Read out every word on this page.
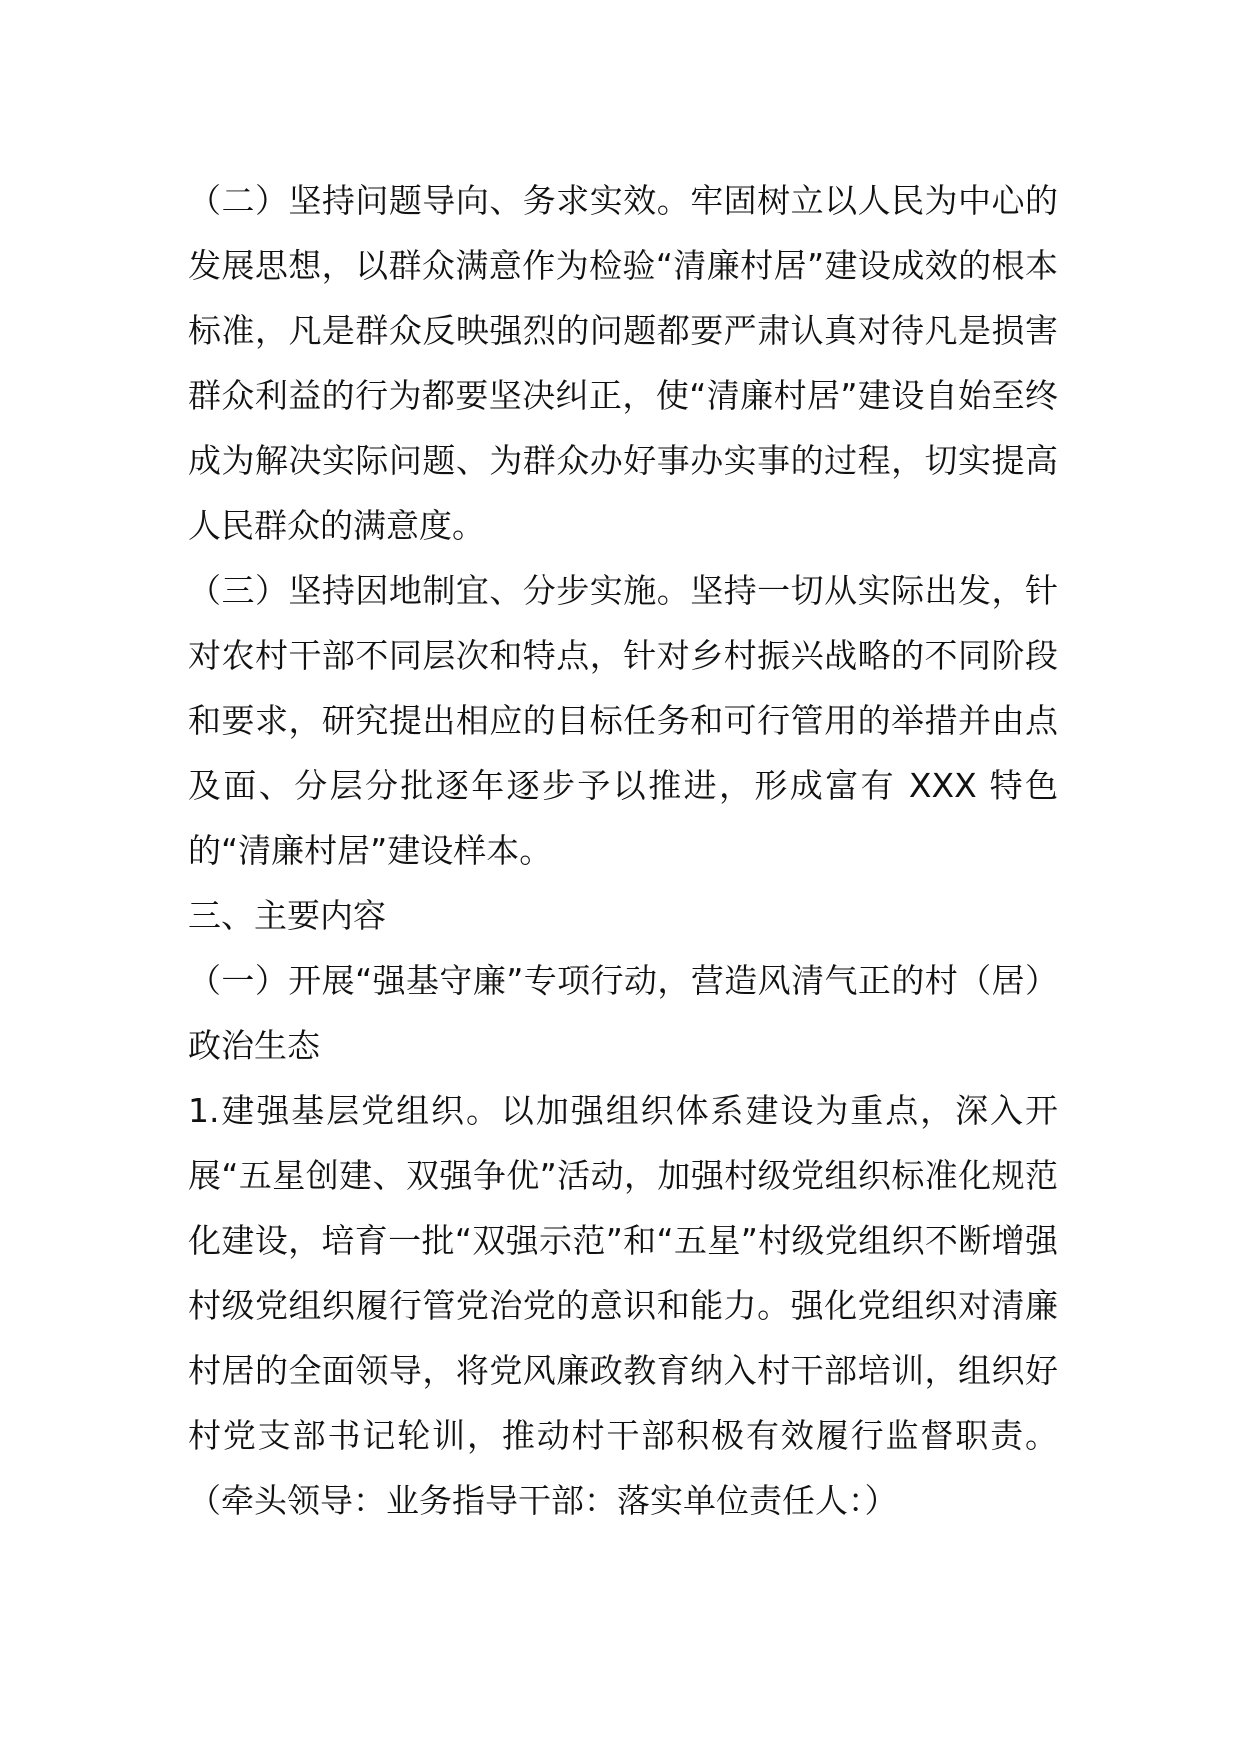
（二）坚持问题导向、务求实效。牢固树立以人民为中心的发展思想，以群众满意作为检验“清廉村居”建设成效的根本标准，凡是群众反映强烈的问题都要严肃认真对待凡是损害群众利益的行为都要坚决纠正，使“清廉村居”建设自始至终成为解决实际问题、为群众办好事办实事的过程，切实提高人民群众的满意度。

（三）坚持因地制宜、分步实施。坚持一切从实际出发，针对农村干部不同层次和特点，针对乡村振兴战略的不同阶段和要求，研究提出相应的目标任务和可行管用的举措并由点及面、分层分批逐年逐步予以推进，形成富有 XXX 特色的“清廉村居”建设样本。

三、主要内容

（一）开展“强基守廉”专项行动，营造风清气正的村（居）政治生态

1.建强基层党组织。以加强组织体系建设为重点，深入开展“五星创建、双强争优”活动，加强村级党组织标准化规范化建设，培育一批“双强示范”和“五星”村级党组织不断增强村级党组织履行管党治党的意识和能力。强化党组织对清廉村居的全面领导，将党风廉政教育纳入村干部培训，组织好村党支部书记轮训，推动村干部积极有效履行监督职责。（牵头领导：业务指导干部：落实单位责任人：）
